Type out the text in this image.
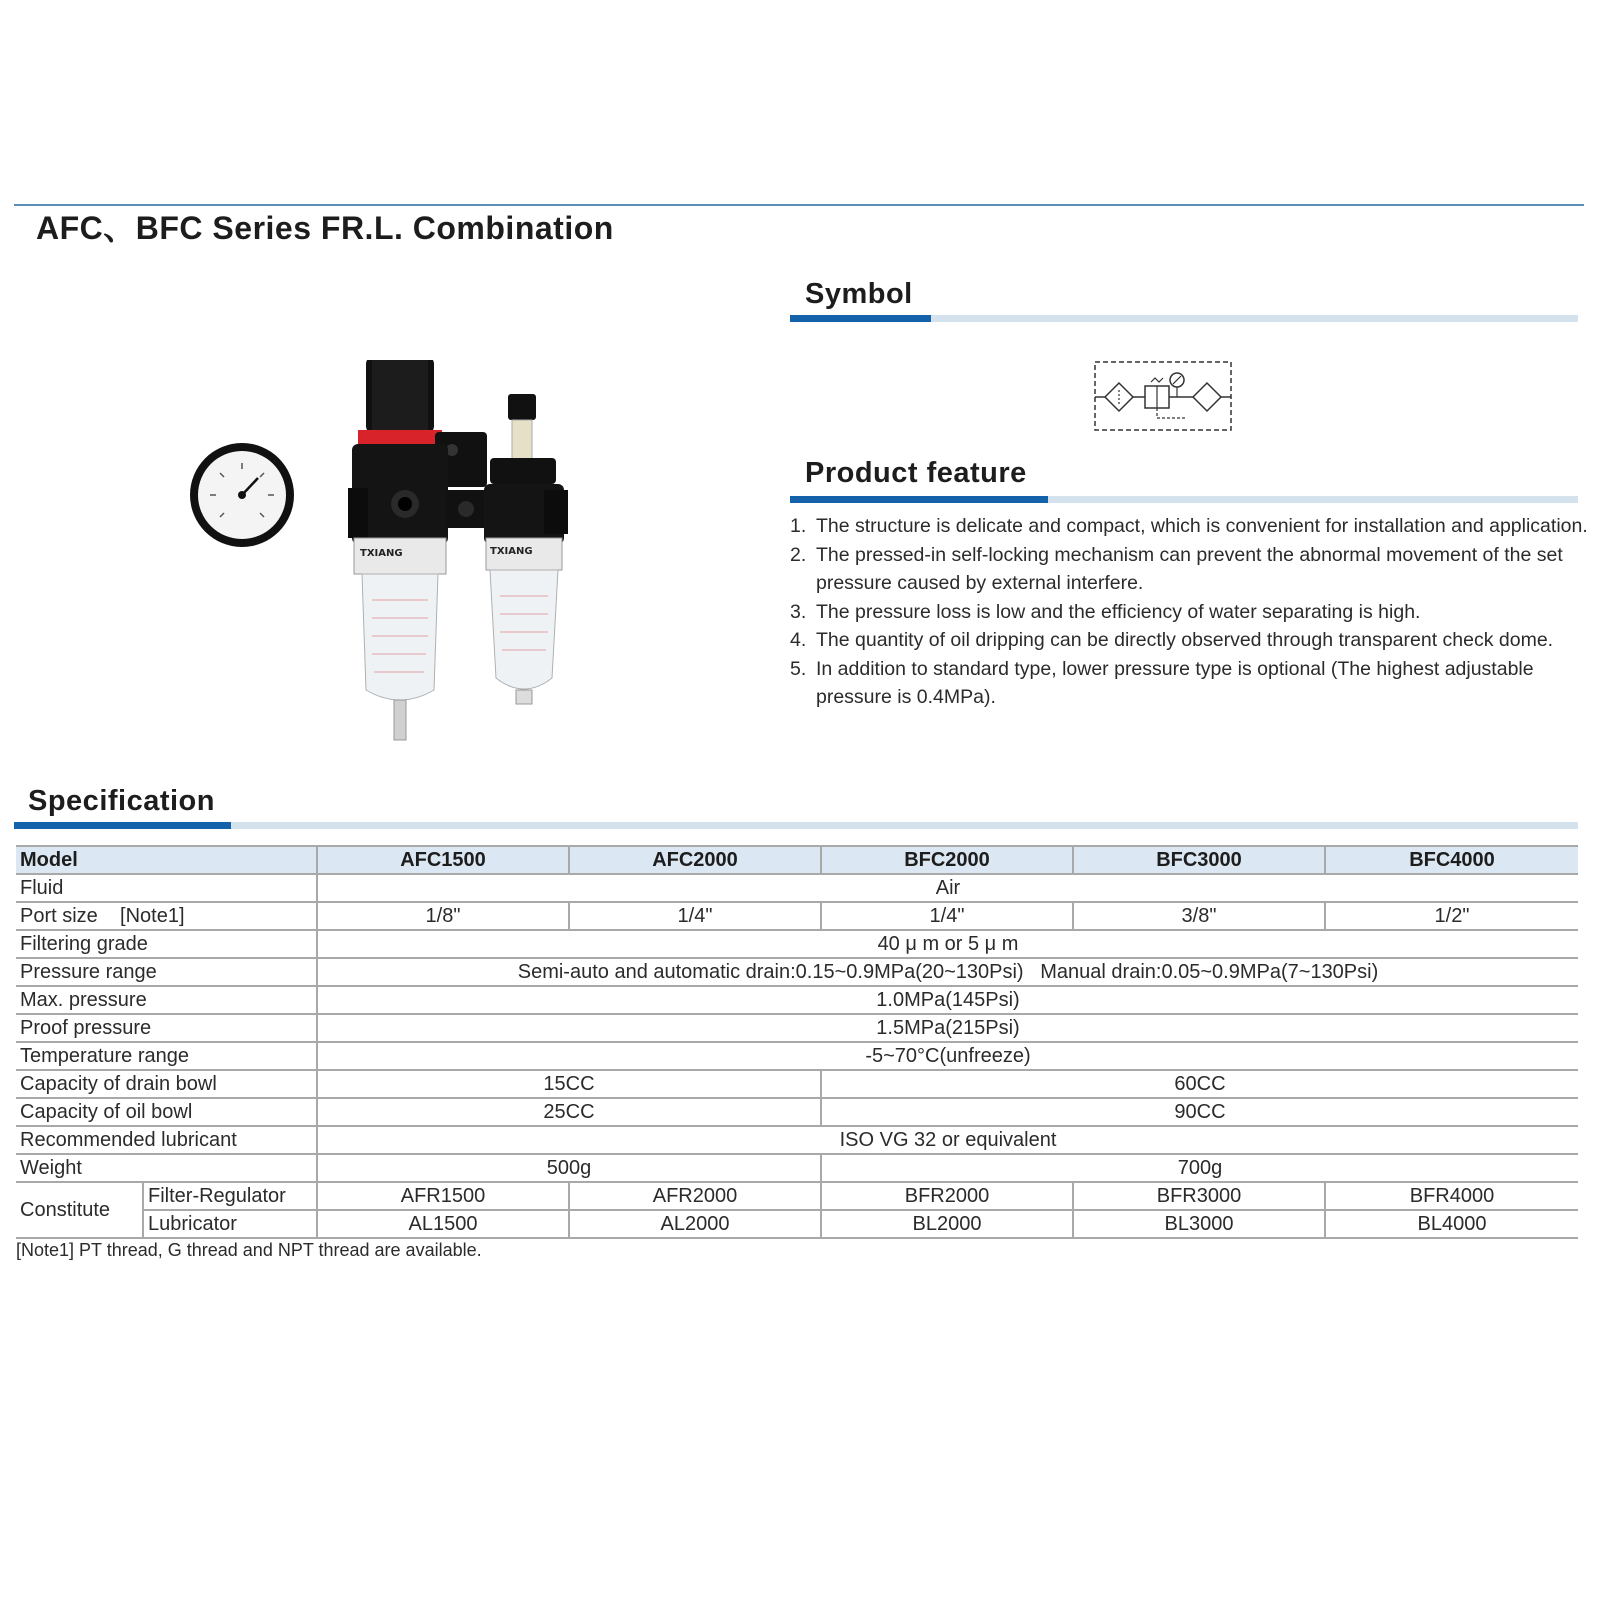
AFC、BFC Series FR.L. Combination
TXIANG	TXIANG
Symbol
Product feature
1. The structure is delicate and compact, which is convenient for installation and application.
2. The pressed-in self-locking mechanism can prevent the abnormal movement of the set pressure caused by external interfere.
3. The pressure loss is low and the efficiency of water separating is high.
4. The quantity of oil dripping can be directly observed through transparent check dome.
5. In addition to standard type, lower pressure type is optional (The highest adjustable pressure is 0.4MPa).
Specification
Model		AFC1500	AFC2000	BFC2000	BFC3000	BFC4000
Fluid		Air				
Port size [Note1]		1/8"	1/4"	1/4"	3/8"	1/2"
Filtering grade		40 μ m or 5 μ m				
Pressure range		Semi-auto and automatic drain:0.15~0.9MPa(20~130Psi)   Manual drain:0.05~0.9MPa(7~130Psi)				
Max. pressure		1.0MPa(145Psi)				
Proof pressure		1.5MPa(215Psi)				
Temperature range		-5~70°C(unfreeze)				
Capacity of drain bowl		15CC		60CC		
Capacity of oil bowl		25CC		90CC		
Recommended lubricant		ISO VG 32 or equivalent				
Weight		500g		700g		
Constitute	Filter-Regulator	AFR1500	AFR2000	BFR2000	BFR3000	BFR4000
	Lubricator	AL1500	AL2000	BL2000	BL3000	BL4000
[Note1] PT thread, G thread and NPT thread are available.
